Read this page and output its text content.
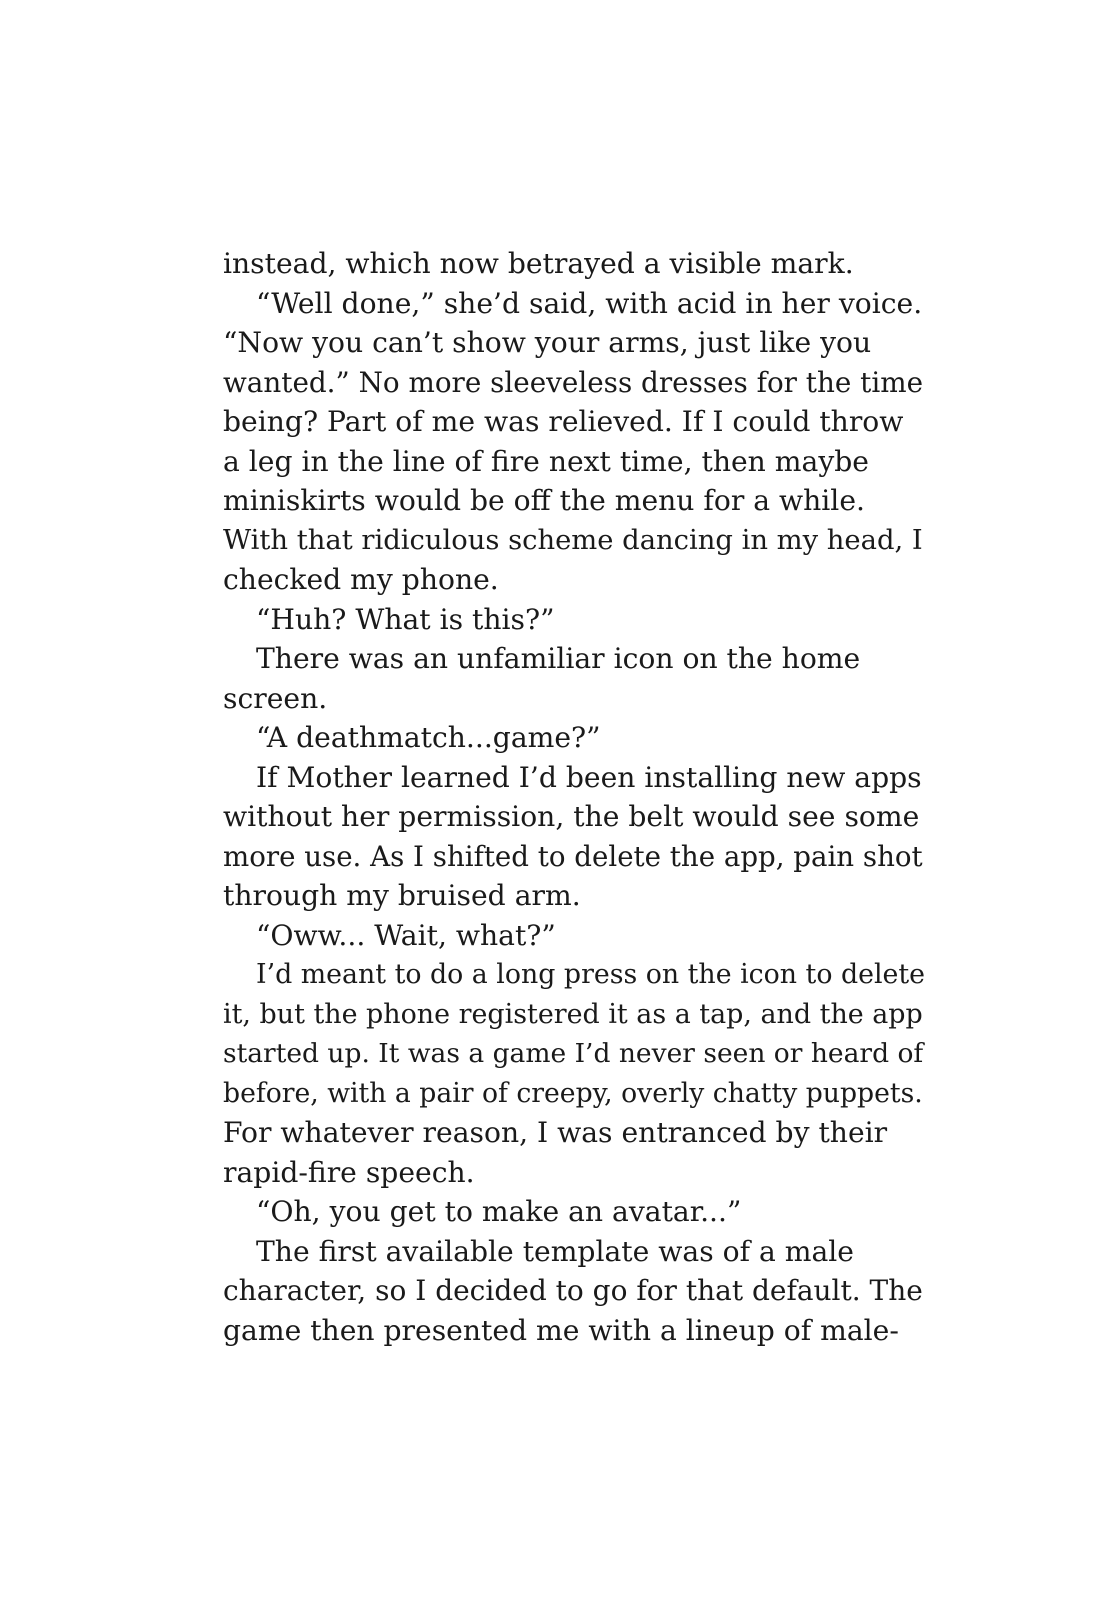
instead, which now betrayed a visible mark.
“Well done,” she’d said, with acid in her voice.
“Now you can’t show your arms, just like you
wanted.” No more sleeveless dresses for the time
being? Part of me was relieved. If I could throw
a leg in the line of fire next time, then maybe
miniskirts would be off the menu for a while.
With that ridiculous scheme dancing in my head, I
checked my phone.
“Huh? What is this?”
There was an unfamiliar icon on the home
screen.
“A deathmatch...game?”
If Mother learned I’d been installing new apps
without her permission, the belt would see some
more use. As I shifted to delete the app, pain shot
through my bruised arm.
“Oww... Wait, what?”
I’d meant to do a long press on the icon to delete
it, but the phone registered it as a tap, and the app
started up. It was a game I’d never seen or heard of
before, with a pair of creepy, overly chatty puppets.
For whatever reason, I was entranced by their
rapid-fire speech.
“Oh, you get to make an avatar...”
The first available template was of a male
character, so I decided to go for that default. The
game then presented me with a lineup of male-
